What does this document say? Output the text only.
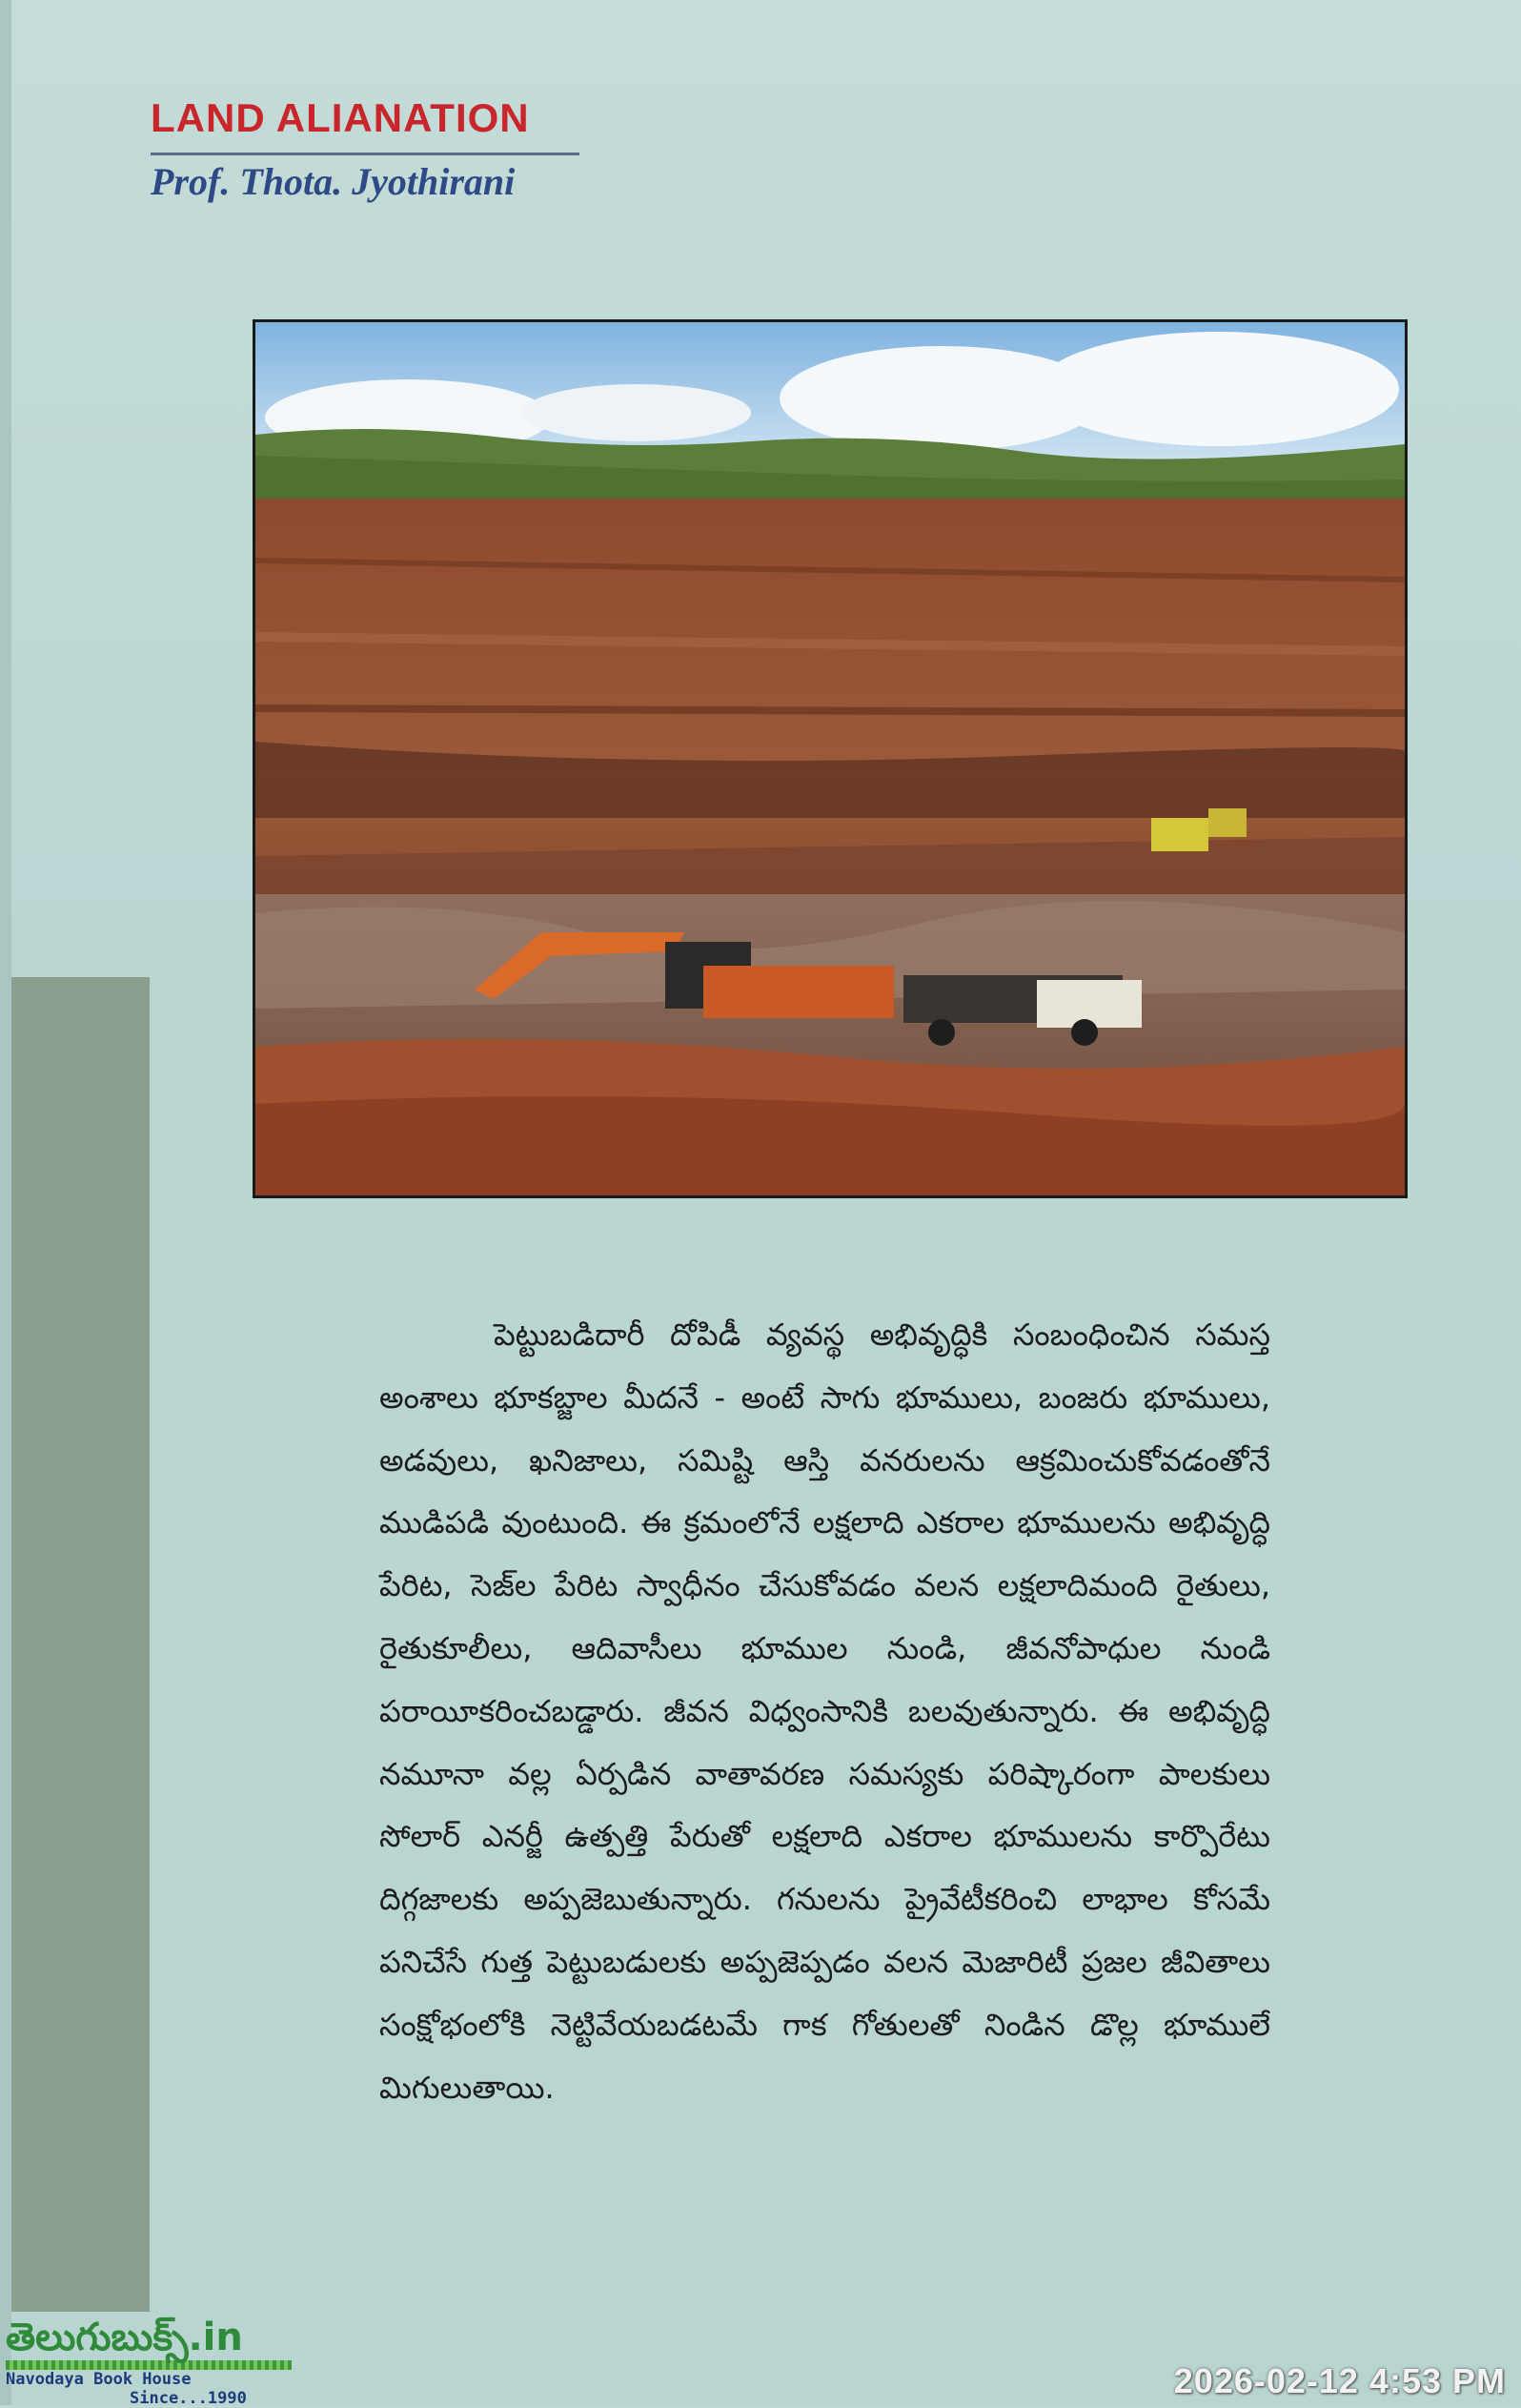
LAND ALIANATION
Prof. Thota. Jyothirani
పెట్టుబడిదారీ దోపిడీ వ్యవస్థ అభివృద్ధికి సంబంధించిన సమస్త అంశాలు భూకబ్జాల మీదనే - అంటే సాగు భూములు, బంజరు భూములు, అడవులు, ఖనిజాలు, సమిష్టి ఆస్తి వనరులను ఆక్రమించుకోవడంతోనే ముడిపడి వుంటుంది. ఈ క్రమంలోనే లక్షలాది ఎకరాల భూములను అభివృద్ధి పేరిట, సెజ్‌ల పేరిట స్వాధీనం చేసుకోవడం వలన లక్షలాదిమంది రైతులు, రైతుకూలీలు, ఆదివాసీలు భూముల నుండి, జీవనోపాధుల నుండి పరాయీకరించబడ్డారు. జీవన విధ్వంసానికి బలవుతున్నారు. ఈ అభివృద్ధి నమూనా వల్ల ఏర్పడిన వాతావరణ సమస్యకు పరిష్కారంగా పాలకులు సోలార్ ఎనర్జీ ఉత్పత్తి పేరుతో లక్షలాది ఎకరాల భూములను కార్పొరేటు దిగ్గజాలకు అప్పజెబుతున్నారు. గనులను ప్రైవేటీకరించి లాభాల కోసమే పనిచేసే గుత్త పెట్టుబడులకు అప్పజెప్పడం వలన మెజారిటీ ప్రజల జీవితాలు సంక్షోభంలోకి నెట్టివేయబడటమే గాక గోతులతో నిండిన డొల్ల భూములే మిగులుతాయి.
తెలుగుబుక్స్.in
Navodaya Book House
Since...1990	2026-02-12 4:53 PM
